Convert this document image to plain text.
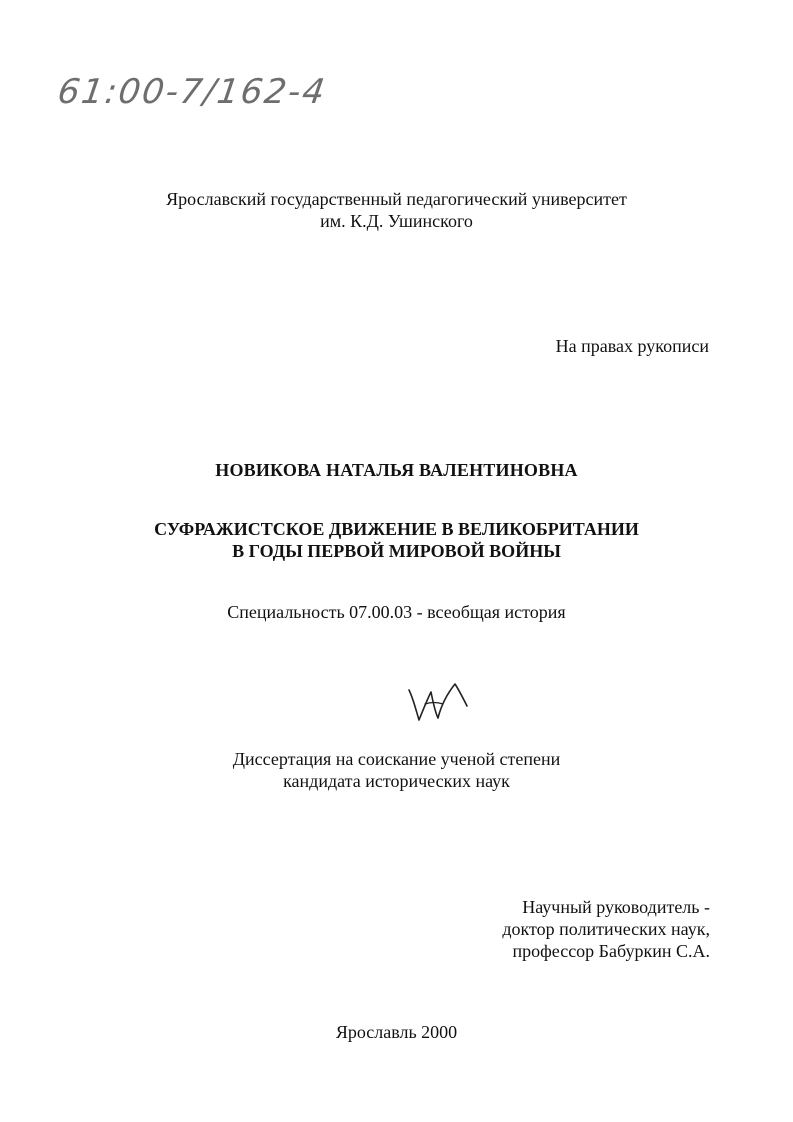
61:00-7/162-4
Ярославский государственный педагогический университет
им. К.Д. Ушинского
На правах рукописи
НОВИКОВА НАТАЛЬЯ ВАЛЕНТИНОВНА
СУФРАЖИСТСКОЕ ДВИЖЕНИЕ В ВЕЛИКОБРИТАНИИ
В ГОДЫ ПЕРВОЙ МИРОВОЙ ВОЙНЫ
Специальность 07.00.03 - всеобщая история
Диссертация на соискание ученой степени
кандидата исторических наук
Научный руководитель -
доктор политических наук,
профессор Бабуркин С.А.
Ярославль 2000
